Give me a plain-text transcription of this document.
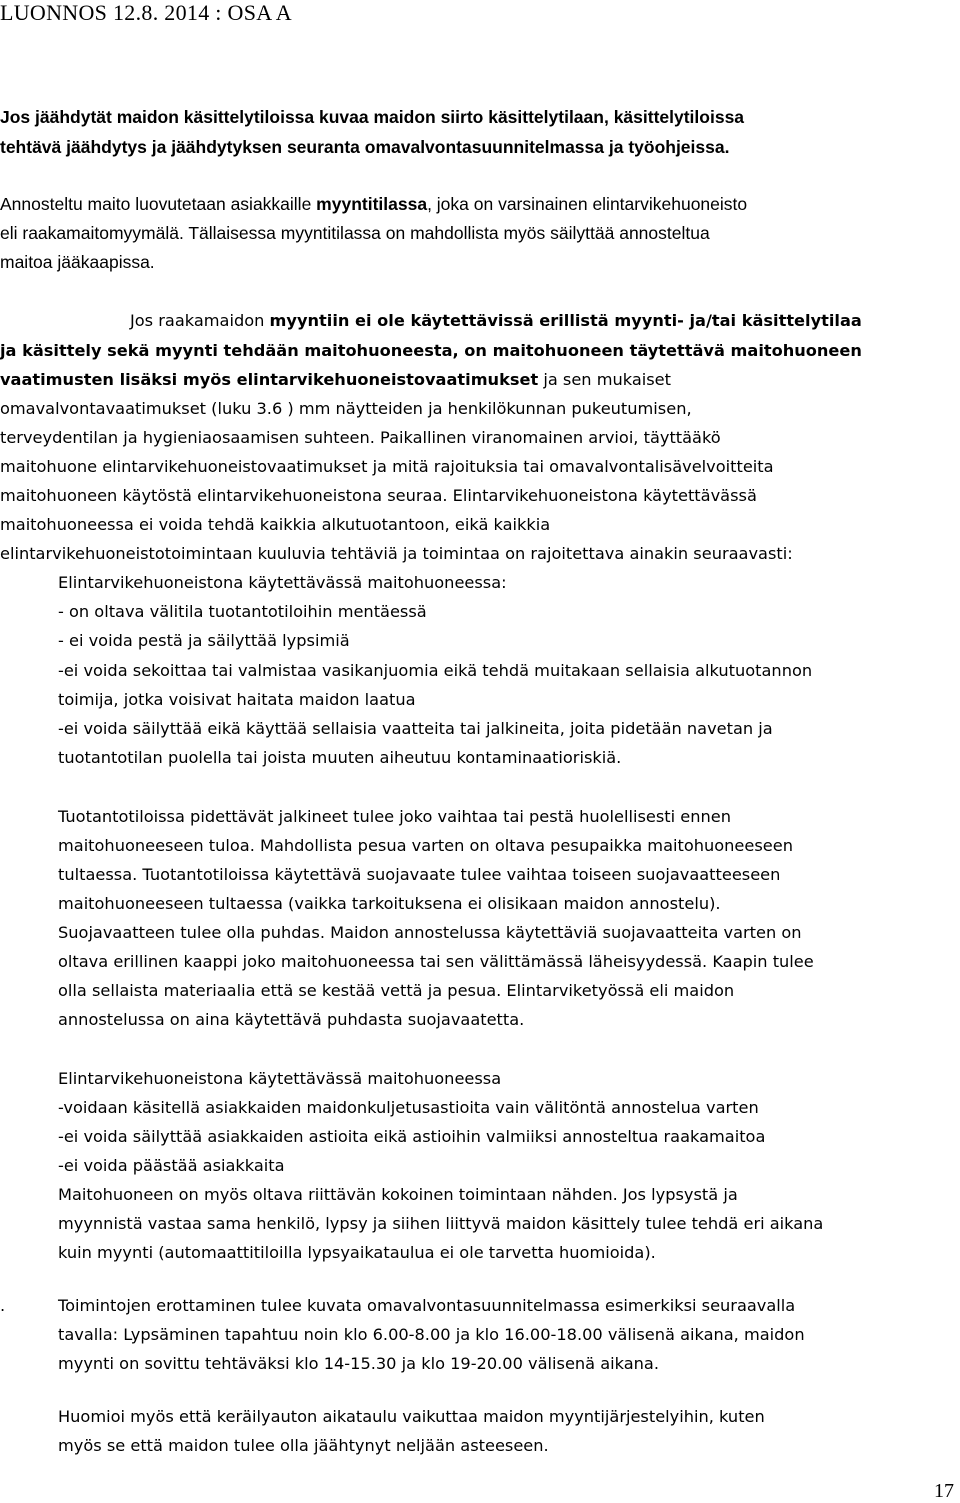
LUONNOS 12.8. 2014 : OSA A
Jos jäähdytät maidon käsittelytiloissa kuvaa maidon siirto käsittelytilaan, käsittelytiloissa
tehtävä jäähdytys ja jäähdytyksen seuranta omavalvontasuunnitelmassa ja työohjeissa.
Annosteltu maito luovutetaan asiakkaille myyntitilassa, joka on varsinainen elintarvikehuoneisto
eli raakamaitomyymälä. Tällaisessa myyntitilassa on mahdollista myös säilyttää annosteltua
maitoa jääkaapissa.
Jos raakamaidon myyntiin ei ole käytettävissä erillistä myynti- ja/tai käsittelytilaa
ja käsittely sekä myynti tehdään maitohuoneesta, on maitohuoneen täytettävä maitohuoneen
vaatimusten lisäksi myös elintarvikehuoneistovaatimukset ja sen mukaiset
omavalvontavaatimukset (luku 3.6 ) mm näytteiden ja henkilökunnan pukeutumisen,
terveydentilan ja hygieniaosaamisen suhteen. Paikallinen viranomainen arvioi, täyttääkö
maitohuone elintarvikehuoneistovaatimukset ja mitä rajoituksia tai omavalvontalisävelvoitteita
maitohuoneen käytöstä elintarvikehuoneistona seuraa. Elintarvikehuoneistona käytettävässä
maitohuoneessa ei voida tehdä kaikkia alkutuotantoon, eikä kaikkia
elintarvikehuoneistotoimintaan kuuluvia tehtäviä ja toimintaa on rajoitettava ainakin seuraavasti:
Elintarvikehuoneistona käytettävässä maitohuoneessa:
- on oltava välitila tuotantotiloihin mentäessä
- ei voida pestä ja säilyttää lypsimiä
-ei voida sekoittaa tai valmistaa vasikanjuomia eikä tehdä muitakaan sellaisia alkutuotannon
toimija, jotka voisivat haitata maidon laatua
-ei voida säilyttää eikä käyttää sellaisia vaatteita tai jalkineita, joita pidetään navetan ja
tuotantotilan puolella tai joista muuten aiheutuu kontaminaatioriskiä.
Tuotantotiloissa pidettävät jalkineet tulee joko vaihtaa tai pestä huolellisesti ennen
maitohuoneeseen tuloa. Mahdollista pesua varten on oltava pesupaikka maitohuoneeseen
tultaessa. Tuotantotiloissa käytettävä suojavaate tulee vaihtaa toiseen suojavaatteeseen
maitohuoneeseen tultaessa (vaikka tarkoituksena ei olisikaan maidon annostelu).
Suojavaatteen tulee olla puhdas. Maidon annostelussa käytettäviä suojavaatteita varten on
oltava erillinen kaappi joko maitohuoneessa tai sen välittämässä läheisyydessä. Kaapin tulee
olla sellaista materiaalia että se kestää vettä ja pesua. Elintarviketyössä eli maidon
annostelussa on aina käytettävä puhdasta suojavaatetta.
Elintarvikehuoneistona käytettävässä maitohuoneessa
-voidaan käsitellä asiakkaiden maidonkuljetusastioita vain välitöntä annostelua varten
-ei voida säilyttää asiakkaiden astioita eikä astioihin valmiiksi annosteltua raakamaitoa
-ei voida päästää asiakkaita
Maitohuoneen on myös oltava riittävän kokoinen toimintaan nähden. Jos lypsystä ja
myynnistä vastaa sama henkilö, lypsy ja siihen liittyvä maidon käsittely tulee tehdä eri aikana
kuin myynti (automaattitiloilla lypsyaikataulua ei ole tarvetta huomioida).
.	Toimintojen erottaminen tulee kuvata omavalvontasuunnitelmassa esimerkiksi seuraavalla
tavalla: Lypsäminen tapahtuu noin klo 6.00-8.00 ja klo 16.00-18.00 välisenä aikana, maidon
myynti on sovittu tehtäväksi klo 14-15.30 ja klo 19-20.00 välisenä aikana.
Huomioi myös että keräilyauton aikataulu vaikuttaa maidon myyntijärjestelyihin, kuten
myös se että maidon tulee olla jäähtynyt neljään asteeseen.
17
